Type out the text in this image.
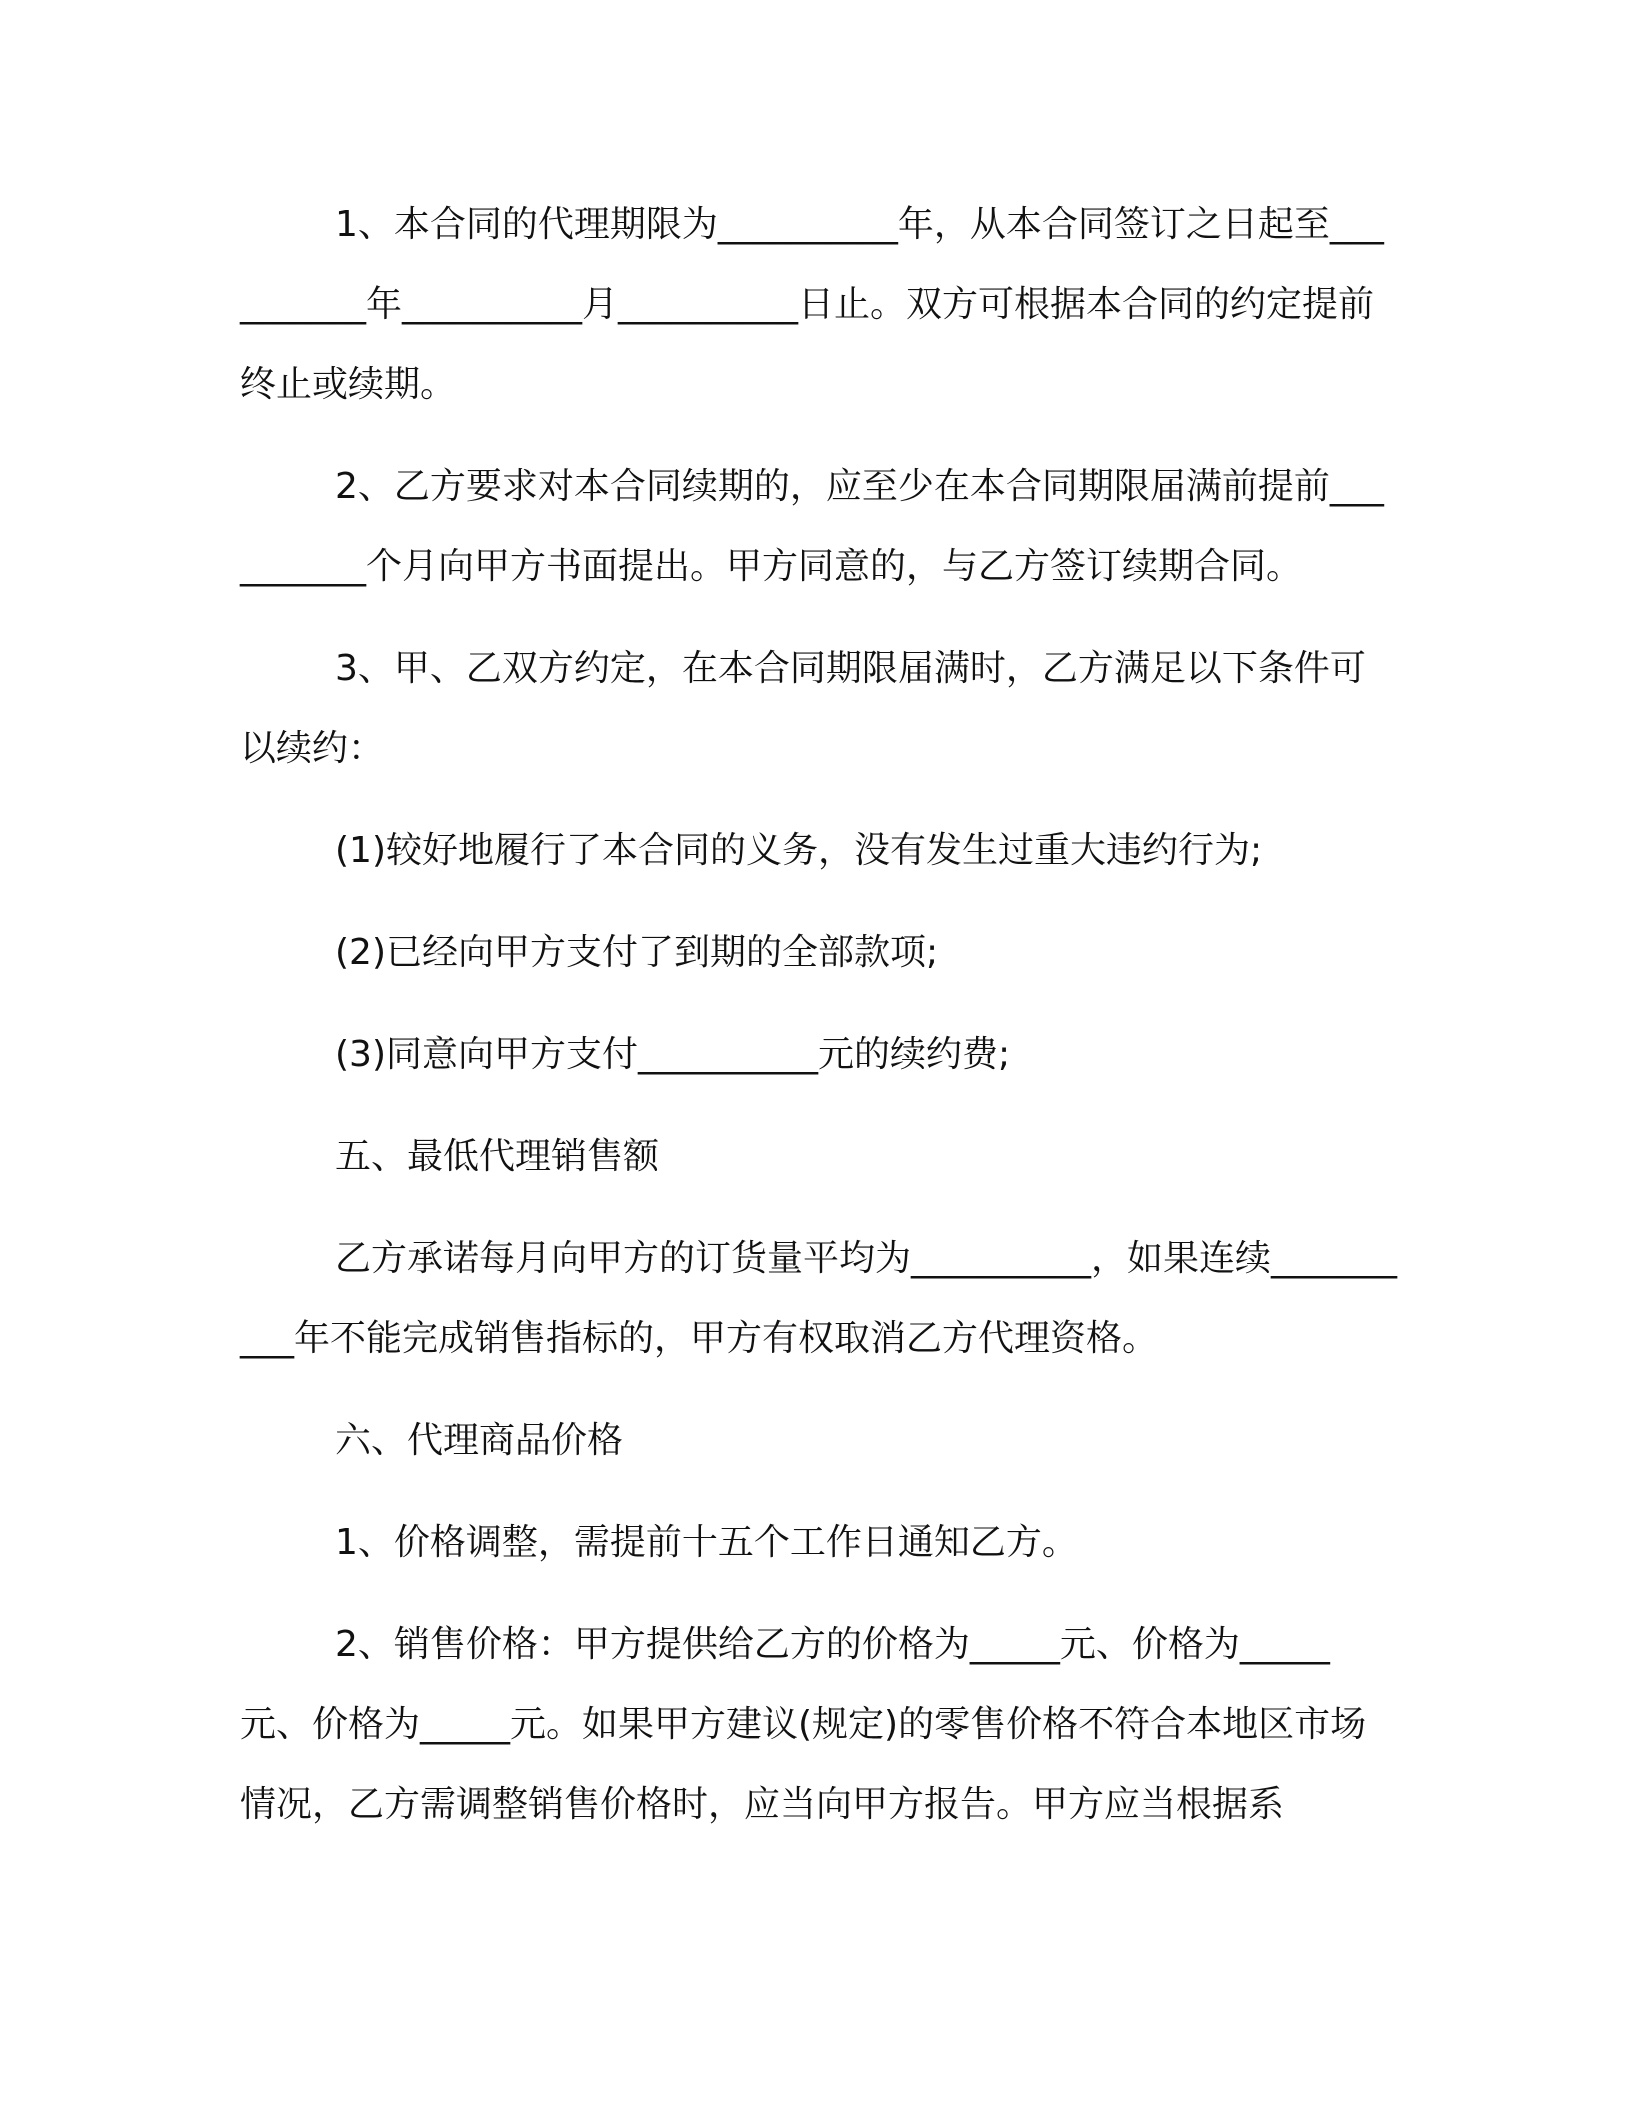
1、本合同的代理期限为__________年，从本合同签订之日起至__________年__________月__________日止。双方可根据本合同的约定提前终止或续期。

2、乙方要求对本合同续期的，应至少在本合同期限届满前提前__________个月向甲方书面提出。甲方同意的，与乙方签订续期合同。

3、甲、乙双方约定，在本合同期限届满时，乙方满足以下条件可以续约：

(1)较好地履行了本合同的义务，没有发生过重大违约行为;

(2)已经向甲方支付了到期的全部款项;

(3)同意向甲方支付__________元的续约费;

五、最低代理销售额

乙方承诺每月向甲方的订货量平均为__________，如果连续__________年不能完成销售指标的，甲方有权取消乙方代理资格。

六、代理商品价格

1、价格调整，需提前十五个工作日通知乙方。

2、销售价格：甲方提供给乙方的价格为_____元、价格为_____元、价格为_____元。如果甲方建议(规定)的零售价格不符合本地区市场情况，乙方需调整销售价格时，应当向甲方报告。甲方应当根据系
